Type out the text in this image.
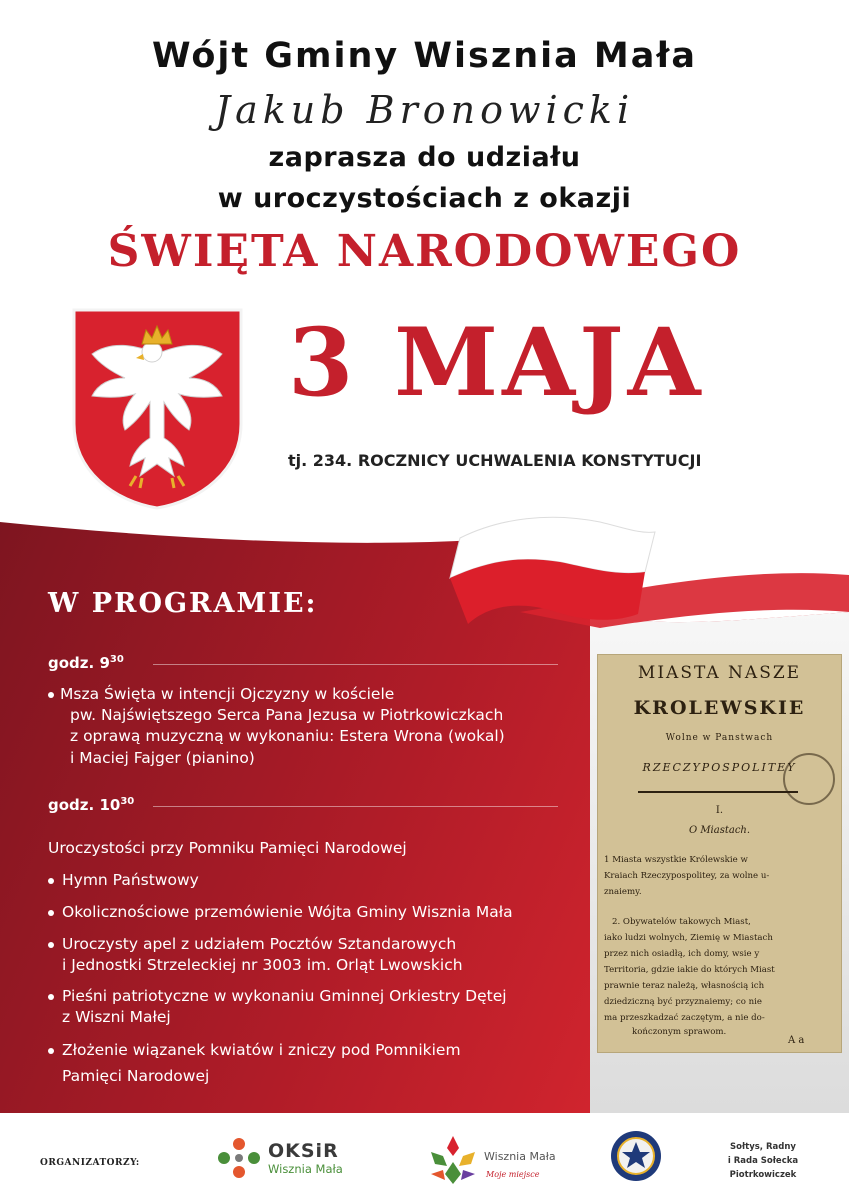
Wójt Gminy Wisznia Mała
Jakub Bronowicki
zaprasza do udziału
w uroczystościach z okazji
ŚWIĘTA NARODOWEGO
3 MAJA
tj. 234. ROCZNICY UCHWALENIA KONSTYTUCJI
W PROGRAMIE:
godz. $9^{30}$
Msza Święta w intencji Ojczyzny w kościele
pw. Najświętszego Serca Pana Jezusa w Piotrkowiczkach
z oprawą muzyczną w wykonaniu: Estera Wrona (wokal)
i Maciej Fajger (pianino)
godz. $10^{30}$
Uroczystości przy Pomniku Pamięci Narodowej
Hymn Państwowy
Okolicznościowe przemówienie Wójta Gminy Wisznia Mała
Uroczysty apel z udziałem Pocztów Sztandarowych
i Jednostki Strzeleckiej nr 3003 im. Orląt Lwowskich
Pieśni patriotyczne w wykonaniu Gminnej Orkiestry Dętej
z Wiszni Małej
Złożenie wiązanek kwiatów i zniczy pod Pomnikiem
Pamięci Narodowej
MIASTA NASZE
KROLEWSKIE
Wolne w Panstwach
RZECZYPOSPOLITEY
I.
O Miastach.
1 Miasta wszystkie Królewskie w
Kraiach Rzeczypospolitey, za wolne u-
znaiemy.
2. Obywatelów takowych Miast,
iako ludzi wolnych, Ziemię w Miastach
przez nich osiadłą, ich domy, wsie y
Territoria, gdzie iakie do których Miast
prawnie teraz należą, własnością ich
dziedziczną być przyznaiemy; co nie
ma przeszkadzać zaczętym, a nie do-
kończonym sprawom.
A a
ORGANIZATORZY:
OKSiR
Wisznia Mała
Wisznia Mała
Moje miejsce
Sołtys, Radny
i Rada Sołecka
Piotrkowiczek
